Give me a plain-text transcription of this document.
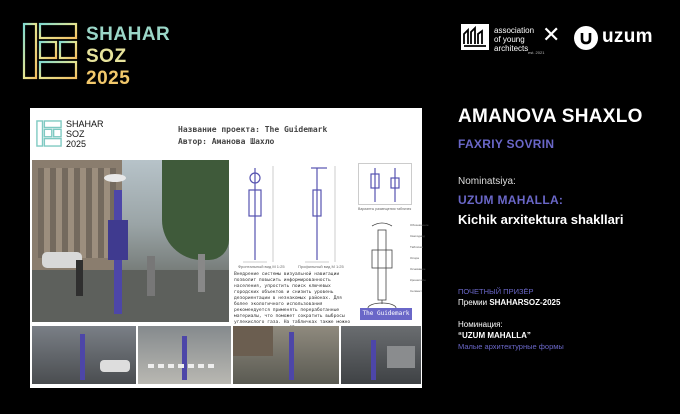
SHAHAR
SOZ
2025
association
of young
architects est. 2021
✕ uzum
SHAHAR
SOZ
2025
Название проекта: The Guidemark
Автор: Аманова Шахло
Фронтальный вид М 1:25	Профильный вид М 1:25
Варианты размещения табличек
Обозначение
Светодиод
Табличка
Опора
Основание
Кронштейн
Сегмент
Внедрение системы визуальной навигации позволит повысить информированность населения, упростить поиск ключевых городских объектов и снизить уровень дезориентации в незнакомых районах. Для более экологичного использования рекомендуется применять переработанные материалы, что поможет сократить выбросы углекислого газа. На табличках также можно
The Guidemark
AMANOVA SHAXLO
FAXRIY SOVRIN
Nominatsiya:
UZUM MAHALLA:
Kichik arxitektura shakllari
ПОЧЕТНЫЙ ПРИЗЁР
Премии SHAHARSOZ-2025
Номинация:
“UZUM MAHALLA”
Малые архитектурные формы
